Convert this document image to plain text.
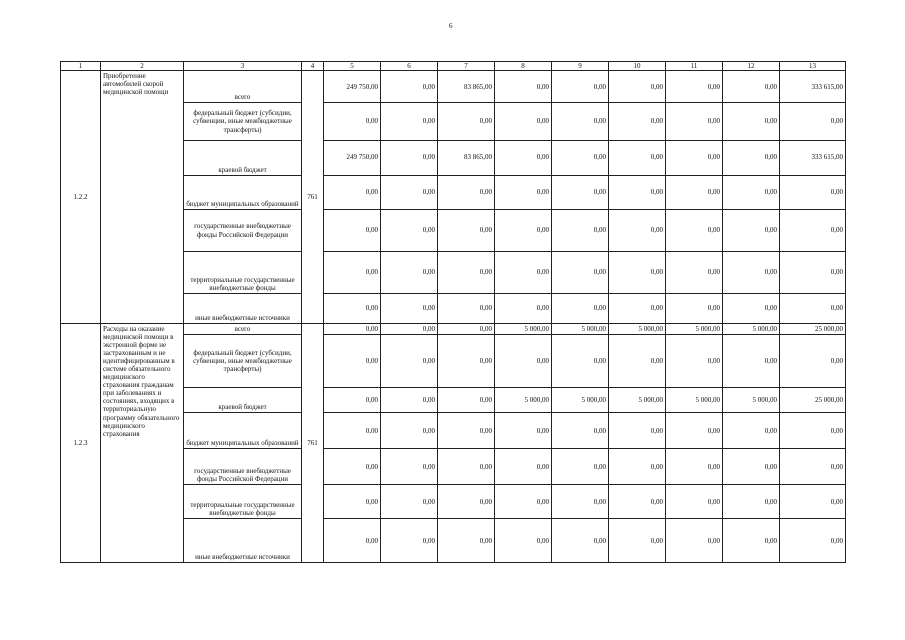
6
1	2	3	4	5	6	7	8	9	10	11	12	13
1.2.2	Приобретение автомобилей скорой медицинской помощи	всего	761	249 750,00	0,00	83 865,00	0,00	0,00	0,00	0,00	0,00	333 615,00
		федеральный бюджет (субсидии, субвенции, иные межбюджетные трансферты)		0,00	0,00	0,00	0,00	0,00	0,00	0,00	0,00	0,00
		краевой бюджет		249 750,00	0,00	83 865,00	0,00	0,00	0,00	0,00	0,00	333 615,00
		бюджет муниципальных образований		0,00	0,00	0,00	0,00	0,00	0,00	0,00	0,00	0,00
		государственные внебюджетные фонды Российской Федерации		0,00	0,00	0,00	0,00	0,00	0,00	0,00	0,00	0,00
		территориальные государственные внебюджетные фонды		0,00	0,00	0,00	0,00	0,00	0,00	0,00	0,00	0,00
		иные внебюджетные источники		0,00	0,00	0,00	0,00	0,00	0,00	0,00	0,00	0,00
1.2.3	Расходы на оказание медицинской помощи в экстренной форме не застрахованным и не идентифицированным в системе обязательного медицинского страхования гражданам при заболеваниях и состояниях, входящих в территориальную программу обязательного медицинского страхования	всего	761	0,00	0,00	0,00	5 000,00	5 000,00	5 000,00	5 000,00	5 000,00	25 000,00
		федеральный бюджет (субсидии, субвенции, иные межбюджетные трансферты)		0,00	0,00	0,00	0,00	0,00	0,00	0,00	0,00	0,00
		краевой бюджет		0,00	0,00	0,00	5 000,00	5 000,00	5 000,00	5 000,00	5 000,00	25 000,00
		бюджет муниципальных образований		0,00	0,00	0,00	0,00	0,00	0,00	0,00	0,00	0,00
		государственные внебюджетные фонды Российской Федерации		0,00	0,00	0,00	0,00	0,00	0,00	0,00	0,00	0,00
		территориальные государственные внебюджетные фонды		0,00	0,00	0,00	0,00	0,00	0,00	0,00	0,00	0,00
		иные внебюджетные источники		0,00	0,00	0,00	0,00	0,00	0,00	0,00	0,00	0,00
